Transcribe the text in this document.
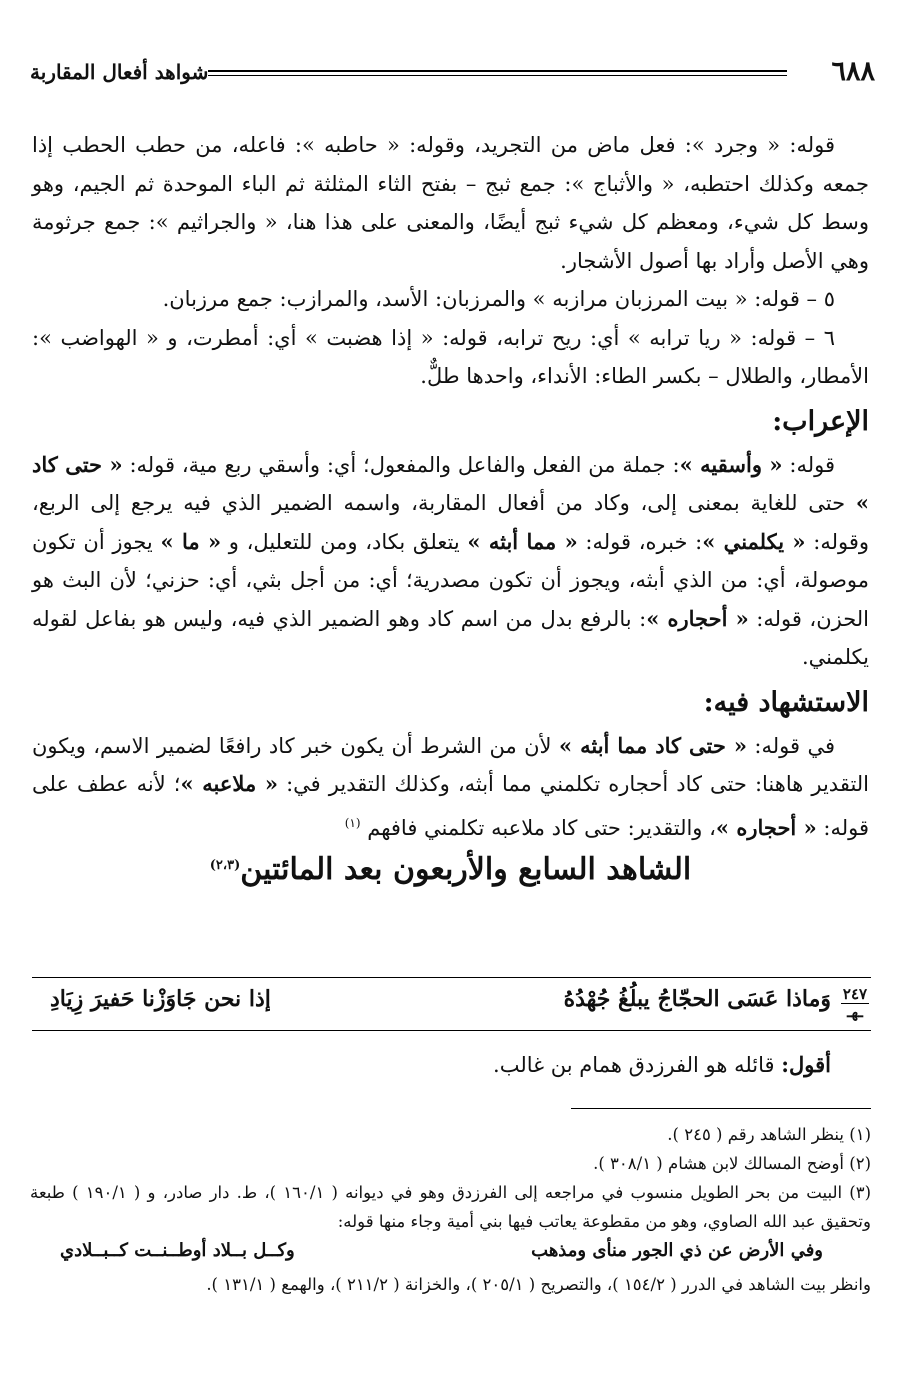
٦٨٨
شواهد أفعال المقاربة

قوله: « وجرد »: فعل ماض من التجريد، وقوله: « حاطبه »: فاعله، من حطب الحطب إذا جمعه وكذلك احتطبه، « والأثباج »: جمع ثبج – بفتح الثاء المثلثة ثم الباء الموحدة ثم الجيم، وهو وسط كل شيء، ومعظم كل شيء ثبج أيضًا، والمعنى على هذا هنا، « والجراثيم »: جمع جرثومة وهي الأصل وأراد بها أصول الأشجار.

٥ – قوله: « بيت المرزبان مرازبه » والمرزبان: الأسد، والمرازب: جمع مرزبان.

٦ – قوله: « ريا ترابه » أي: ريح ترابه، قوله: « إذا هضبت » أي: أمطرت، و « الهواضب »: الأمطار، والطلال – بكسر الطاء: الأنداء، واحدها طلٌّ.

الإعراب:

قوله: « وأسقيه »: جملة من الفعل والفاعل والمفعول؛ أي: وأسقي ربع مية، قوله: « حتى كاد » حتى للغاية بمعنى إلى، وكاد من أفعال المقاربة، واسمه الضمير الذي فيه يرجع إلى الربع، وقوله: « يكلمني »: خبره، قوله: « مما أبثه » يتعلق بكاد، ومن للتعليل، و « ما » يجوز أن تكون موصولة، أي: من الذي أبثه، ويجوز أن تكون مصدرية؛ أي: من أجل بثي، أي: حزني؛ لأن البث هو الحزن، قوله: « أحجاره »: بالرفع بدل من اسم كاد وهو الضمير الذي فيه، وليس هو بفاعل لقوله يكلمني.

الاستشهاد فيه:

في قوله: « حتى كاد مما أبثه » لأن من الشرط أن يكون خبر كاد رافعًا لضمير الاسم، ويكون التقدير هاهنا: حتى كاد أحجاره تكلمني مما أبثه، وكذلك التقدير في: « ملاعبه »؛ لأنه عطف على قوله: « أحجاره »، والتقدير: حتى كاد ملاعبه تكلمني فافهم $^{(١)}$

الشاهد السابع والأربعون بعد المائتين$^{(٢،٣)}$

٢٤٧
ـهـ
وَماذا عَسَى الحجّاجُ يبلُغُ جُهْدُهُ
إذا نحن جَاوَزْنا حَفيرَ زِيَادِ
أقول: قائله هو الفرزدق همام بن غالب.

(١) ينظر الشاهد رقم ( ٢٤٥ ).

(٢) أوضح المسالك لابن هشام ( ٣٠٨/١ ).

(٣) البيت من بحر الطويل منسوب في مراجعه إلى الفرزدق وهو في ديوانه ( ١٦٠/١ )، ط. دار صادر، و ( ١٩٠/١ ) طبعة وتحقيق عبد الله الصاوي، وهو من مقطوعة يعاتب فيها بني أمية وجاء منها قوله:

وفي الأرض عن ذي الجور منأى ومذهب
وكــل بــلاد أوطــنــت كــبــلادي

وانظر بيت الشاهد في الدرر ( ١٥٤/٢ )، والتصريح ( ٢٠٥/١ )، والخزانة ( ٢١١/٢ )، والهمع ( ١٣١/١ ).
